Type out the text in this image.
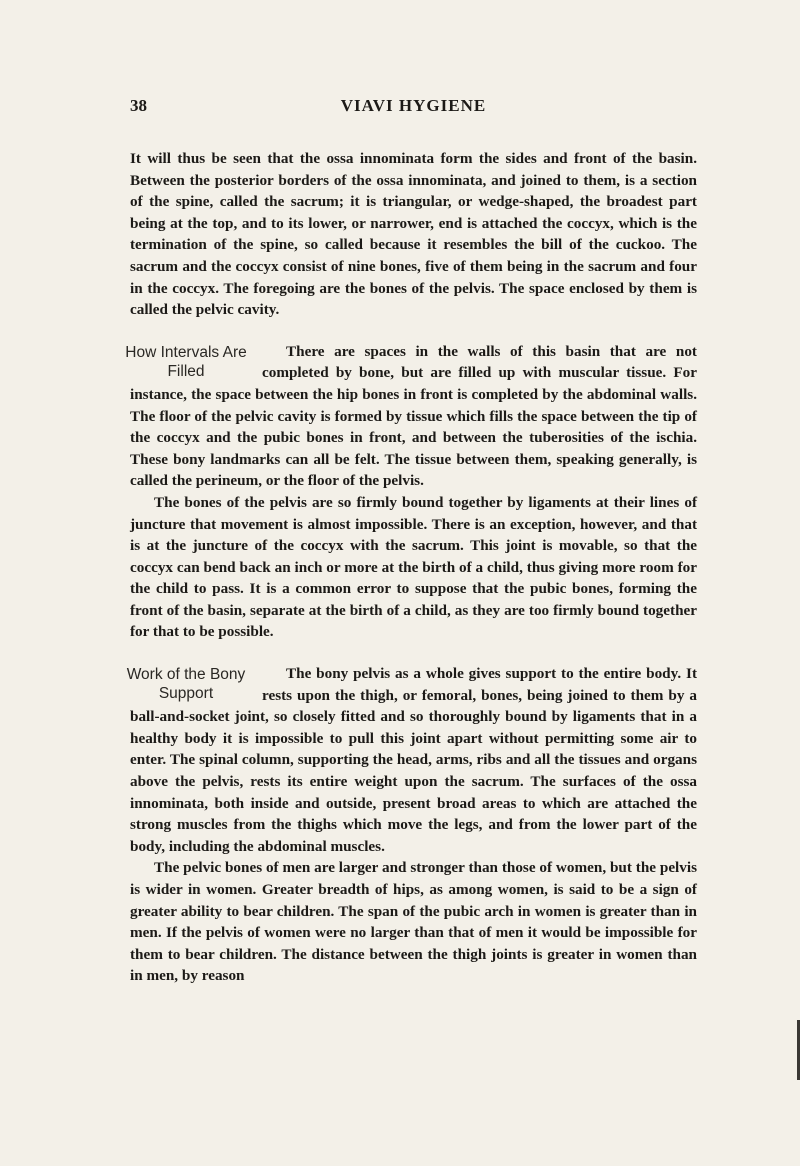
38	VIAVI HYGIENE

It will thus be seen that the ossa innominata form the sides and front of the basin. Between the posterior borders of the ossa innominata, and joined to them, is a section of the spine, called the sacrum; it is triangular, or wedge-shaped, the broadest part being at the top, and to its lower, or narrower, end is attached the coccyx, which is the termination of the spine, so called because it resembles the bill of the cuckoo. The sacrum and the coccyx consist of nine bones, five of them being in the sacrum and four in the coccyx. The foregoing are the bones of the pelvis. The space enclosed by them is called the pelvic cavity.

How Intervals Are Filled

There are spaces in the walls of this basin that are not completed by bone, but are filled up with muscular tissue. For instance, the space between the hip bones in front is completed by the abdominal walls. The floor of the pelvic cavity is formed by tissue which fills the space between the tip of the coccyx and the pubic bones in front, and between the tuberosities of the ischia. These bony landmarks can all be felt. The tissue between them, speaking generally, is called the perineum, or the floor of the pelvis.

The bones of the pelvis are so firmly bound together by ligaments at their lines of juncture that movement is almost impossible. There is an exception, however, and that is at the juncture of the coccyx with the sacrum. This joint is movable, so that the coccyx can bend back an inch or more at the birth of a child, thus giving more room for the child to pass. It is a common error to suppose that the pubic bones, forming the front of the basin, separate at the birth of a child, as they are too firmly bound together for that to be possible.

Work of the Bony Support

The bony pelvis as a whole gives support to the entire body. It rests upon the thigh, or femoral, bones, being joined to them by a ball-and-socket joint, so closely fitted and so thoroughly bound by ligaments that in a healthy body it is impossible to pull this joint apart without permitting some air to enter. The spinal column, supporting the head, arms, ribs and all the tissues and organs above the pelvis, rests its entire weight upon the sacrum. The surfaces of the ossa innominata, both inside and outside, present broad areas to which are attached the strong muscles from the thighs which move the legs, and from the lower part of the body, including the abdominal muscles.

The pelvic bones of men are larger and stronger than those of women, but the pelvis is wider in women. Greater breadth of hips, as among women, is said to be a sign of greater ability to bear children. The span of the pubic arch in women is greater than in men. If the pelvis of women were no larger than that of men it would be impossible for them to bear children. The distance between the thigh joints is greater in women than in men, by reason
